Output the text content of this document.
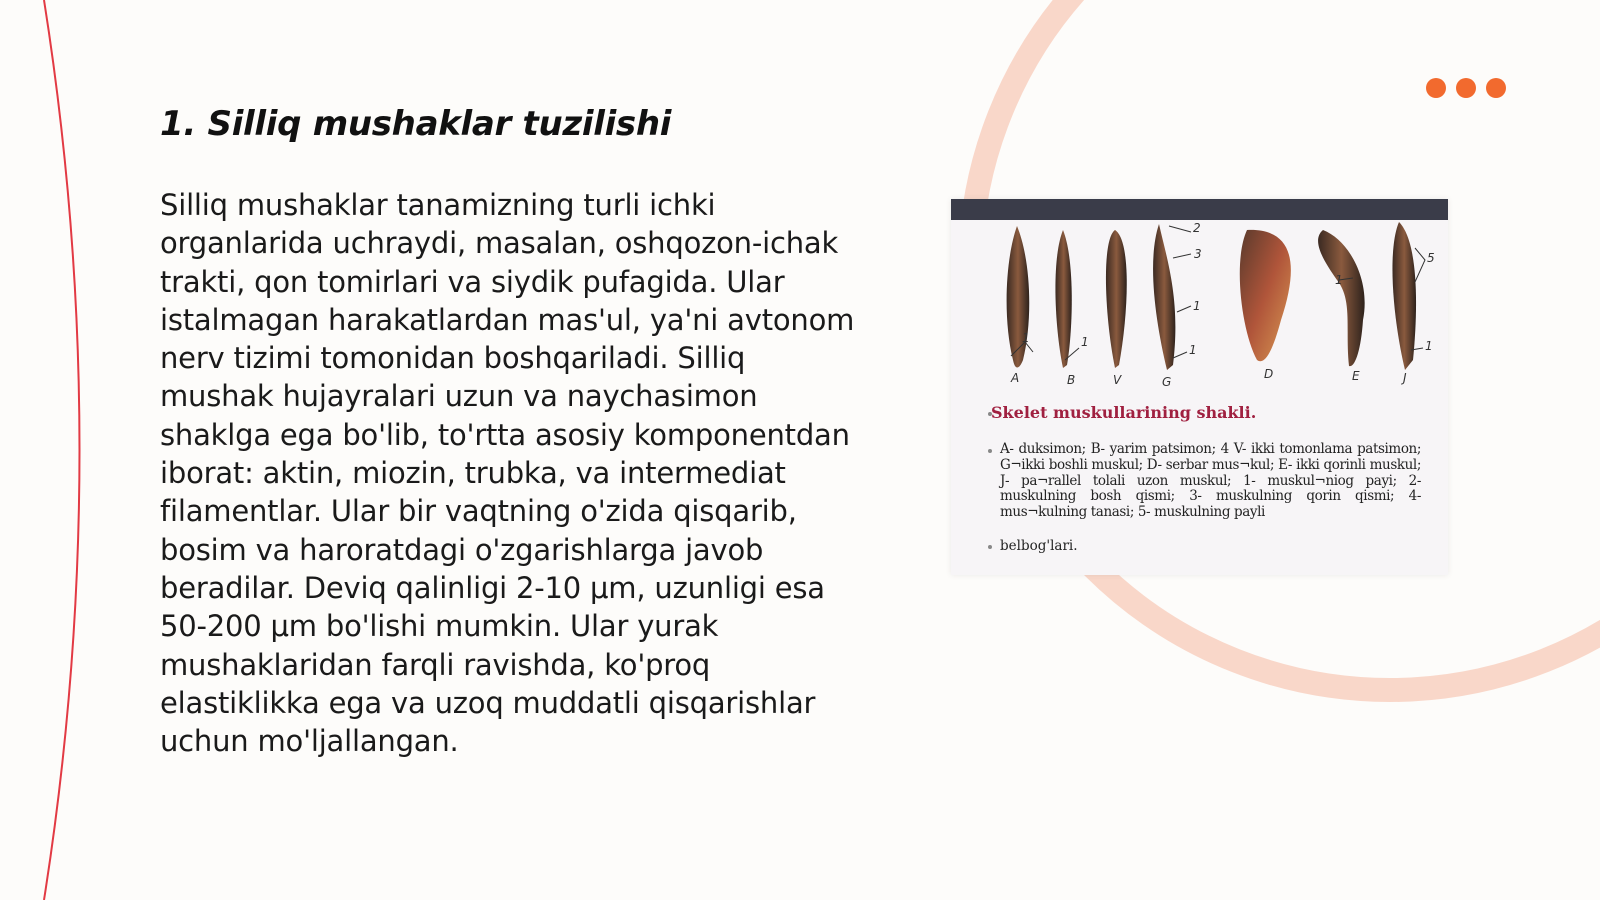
1. Silliq mushaklar tuzilishi

Silliq mushaklar tanamizning turli ichki organlarida uchraydi, masalan, oshqozon-ichak trakti, qon tomirlari va siydik pufagida. Ular istalmagan harakatlardan mas'ul, ya'ni avtonom nerv tizimi tomonidan boshqariladi. Silliq mushak hujayralari uzun va naychasimon shaklga ega bo'lib, to'rtta asosiy komponentdan iborat: aktin, miozin, trubka, va intermediat filamentlar. Ular bir vaqtning o'zida qisqarib, bosim va haroratdagi o'zgarishlarga javob beradilar. Deviq qalinligi 2-10 μm, uzunligi esa 50-200 μm bo'lishi mumkin. Ular yurak mushaklaridan farqli ravishda, ko'proq elastiklikka ega va uzoq muddatli qisqarishlar uchun mo'ljallangan.

1
2
3
1
1
1
5
1
1
A	B	V	G
D	E	J
Skelet muskullarining shakli.
A- duksimon; B- yarim patsimon; 4 V- ikki tomonlama patsimon; G¬ikki boshli muskul; D- serbar mus¬kul; E- ikki qorinli muskul; J- pa¬rallel tolali uzon muskul; 1- muskul¬niog payi; 2- muskulning bosh qismi; 3- muskulning qorin qismi; 4- mus¬kulning tanasi; 5- muskulning payli
belbog'lari.
